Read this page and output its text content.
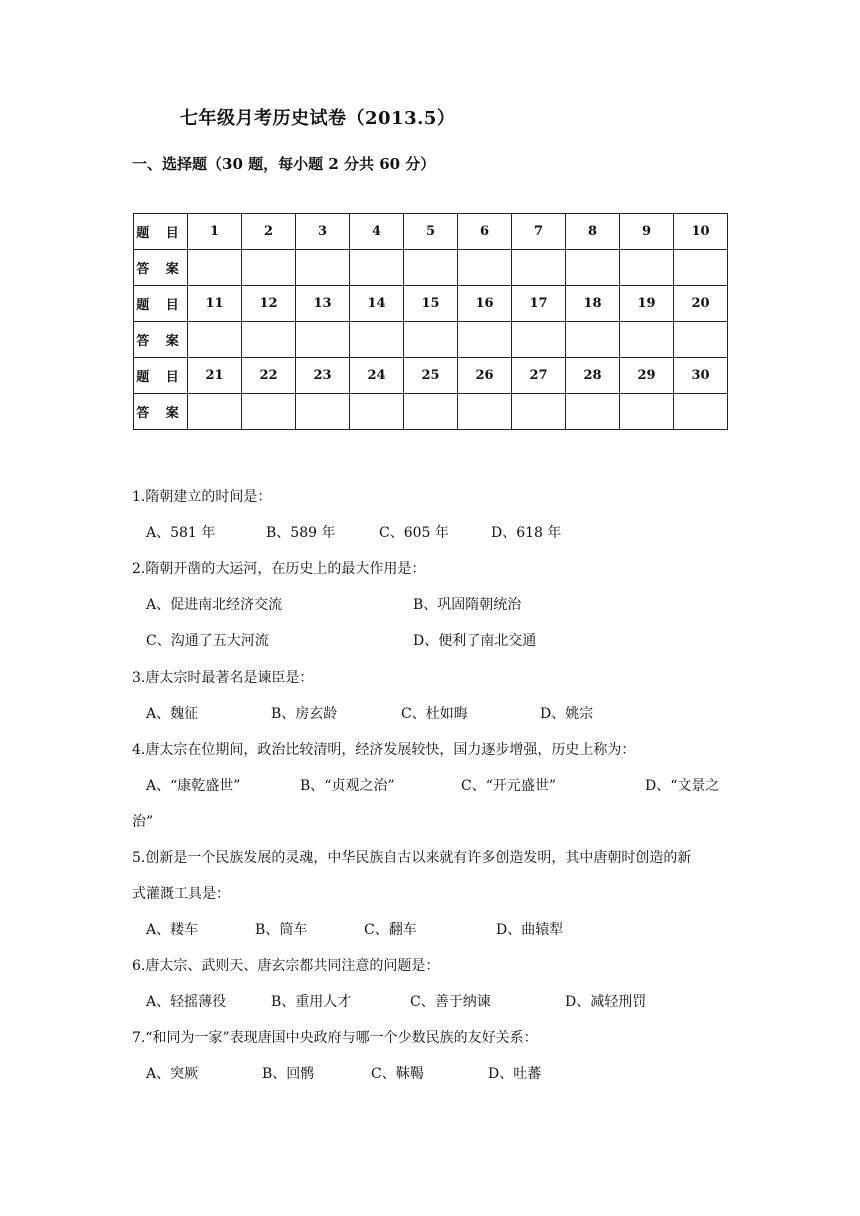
七年级月考历史试卷（2013.5）
一、选择题（30 题，每小题 2 分共 60 分）
题 目	1	2	3	4	5	6	7	8	9	10
答 案										
题 目	11	12	13	14	15	16	17	18	19	20
答 案										
题 目	21	22	23	24	25	26	27	28	29	30
答 案										
1.隋朝建立的时间是：
A、581 年	B、589 年	C、605 年	D、618 年
2.隋朝开凿的大运河，在历史上的最大作用是：
A、促进南北经济交流	B、巩固隋朝统治
C、沟通了五大河流	D、便利了南北交通
3.唐太宗时最著名是谏臣是：
A、魏征	B、房玄龄	C、杜如晦	D、姚宗
4.唐太宗在位期间，政治比较清明，经济发展较快，国力逐步增强，历史上称为：
A、“康乾盛世”	B、“贞观之治”	C、“开元盛世”	D、“文景之
治”
5.创新是一个民族发展的灵魂，中华民族自古以来就有许多创造发明，其中唐朝时创造的新
式灌溉工具是：
A、耧车	B、筒车	C、翻车	D、曲辕犁
6.唐太宗、武则天、唐玄宗都共同注意的问题是：
A、轻摇薄役	B、重用人才	C、善于纳谏	D、减轻刑罚
7.“和同为一家”表现唐国中央政府与哪一个少数民族的友好关系：
A、突厥	B、回鹘	C、靺鞨	D、吐蕃
